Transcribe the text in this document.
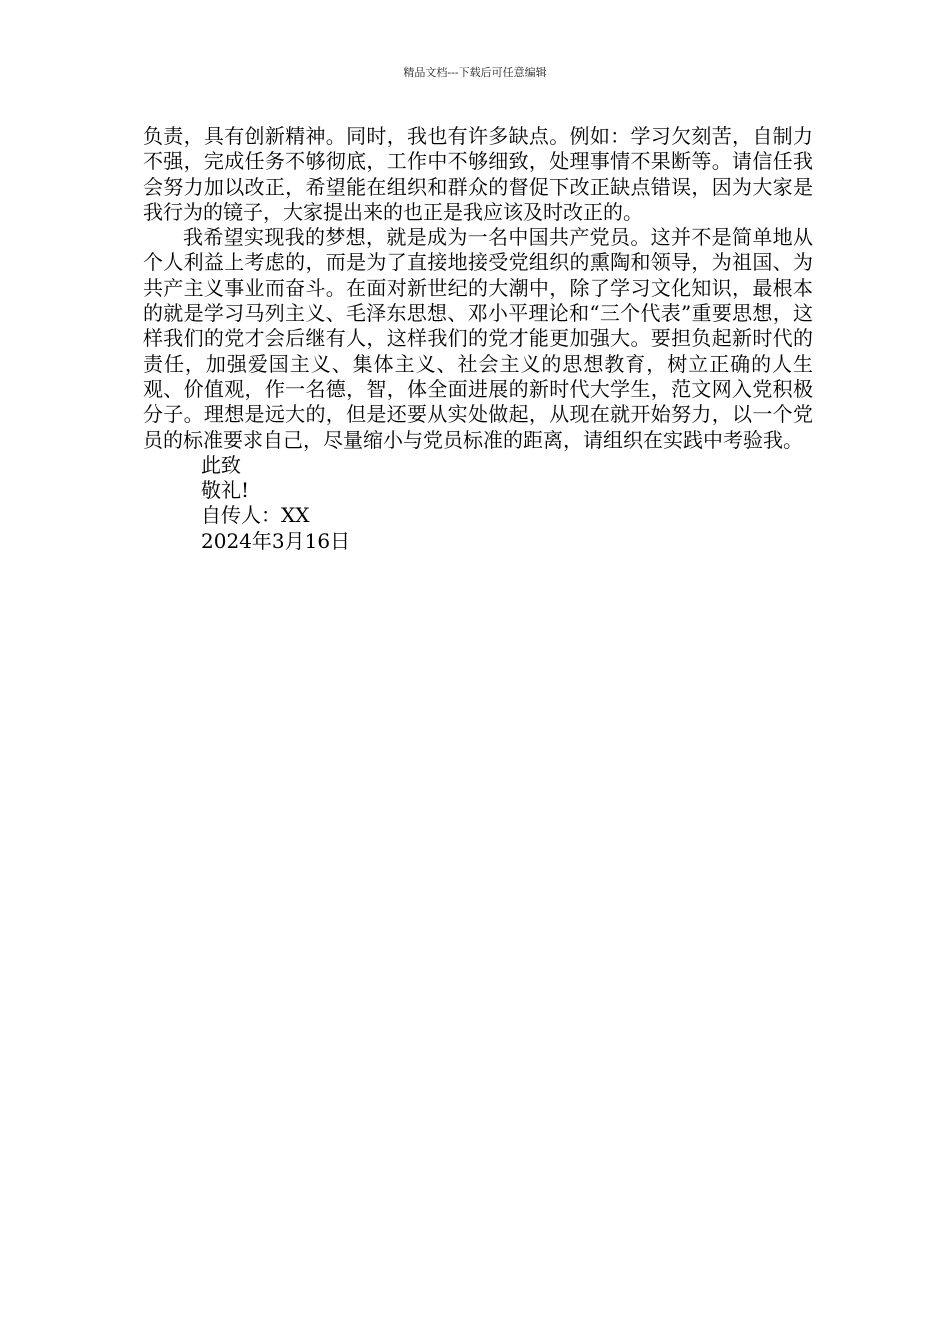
精品文档---下载后可任意编辑

负责，具有创新精神。同时，我也有许多缺点。例如：学习欠刻苦，自制力不强，完成任务不够彻底，工作中不够细致，处理事情不果断等。请信任我会努力加以改正，希望能在组织和群众的督促下改正缺点错误，因为大家是我行为的镜子，大家提出来的也正是我应该及时改正的。

我希望实现我的梦想，就是成为一名中国共产党员。这并不是简单地从个人利益上考虑的，而是为了直接地接受党组织的熏陶和领导，为祖国、为共产主义事业而奋斗。在面对新世纪的大潮中，除了学习文化知识，最根本的就是学习马列主义、毛泽东思想、邓小平理论和“三个代表”重要思想，这样我们的党才会后继有人，这样我们的党才能更加强大。要担负起新时代的责任，加强爱国主义、集体主义、社会主义的思想教育，树立正确的人生观、价值观，作一名德，智，体全面进展的新时代大学生，范文网入党积极分子。理想是远大的，但是还要从实处做起，从现在就开始努力，以一个党员的标准要求自己，尽量缩小与党员标准的距离，请组织在实践中考验我。

此致

敬礼!

自传人：XX

2024年3月16日
